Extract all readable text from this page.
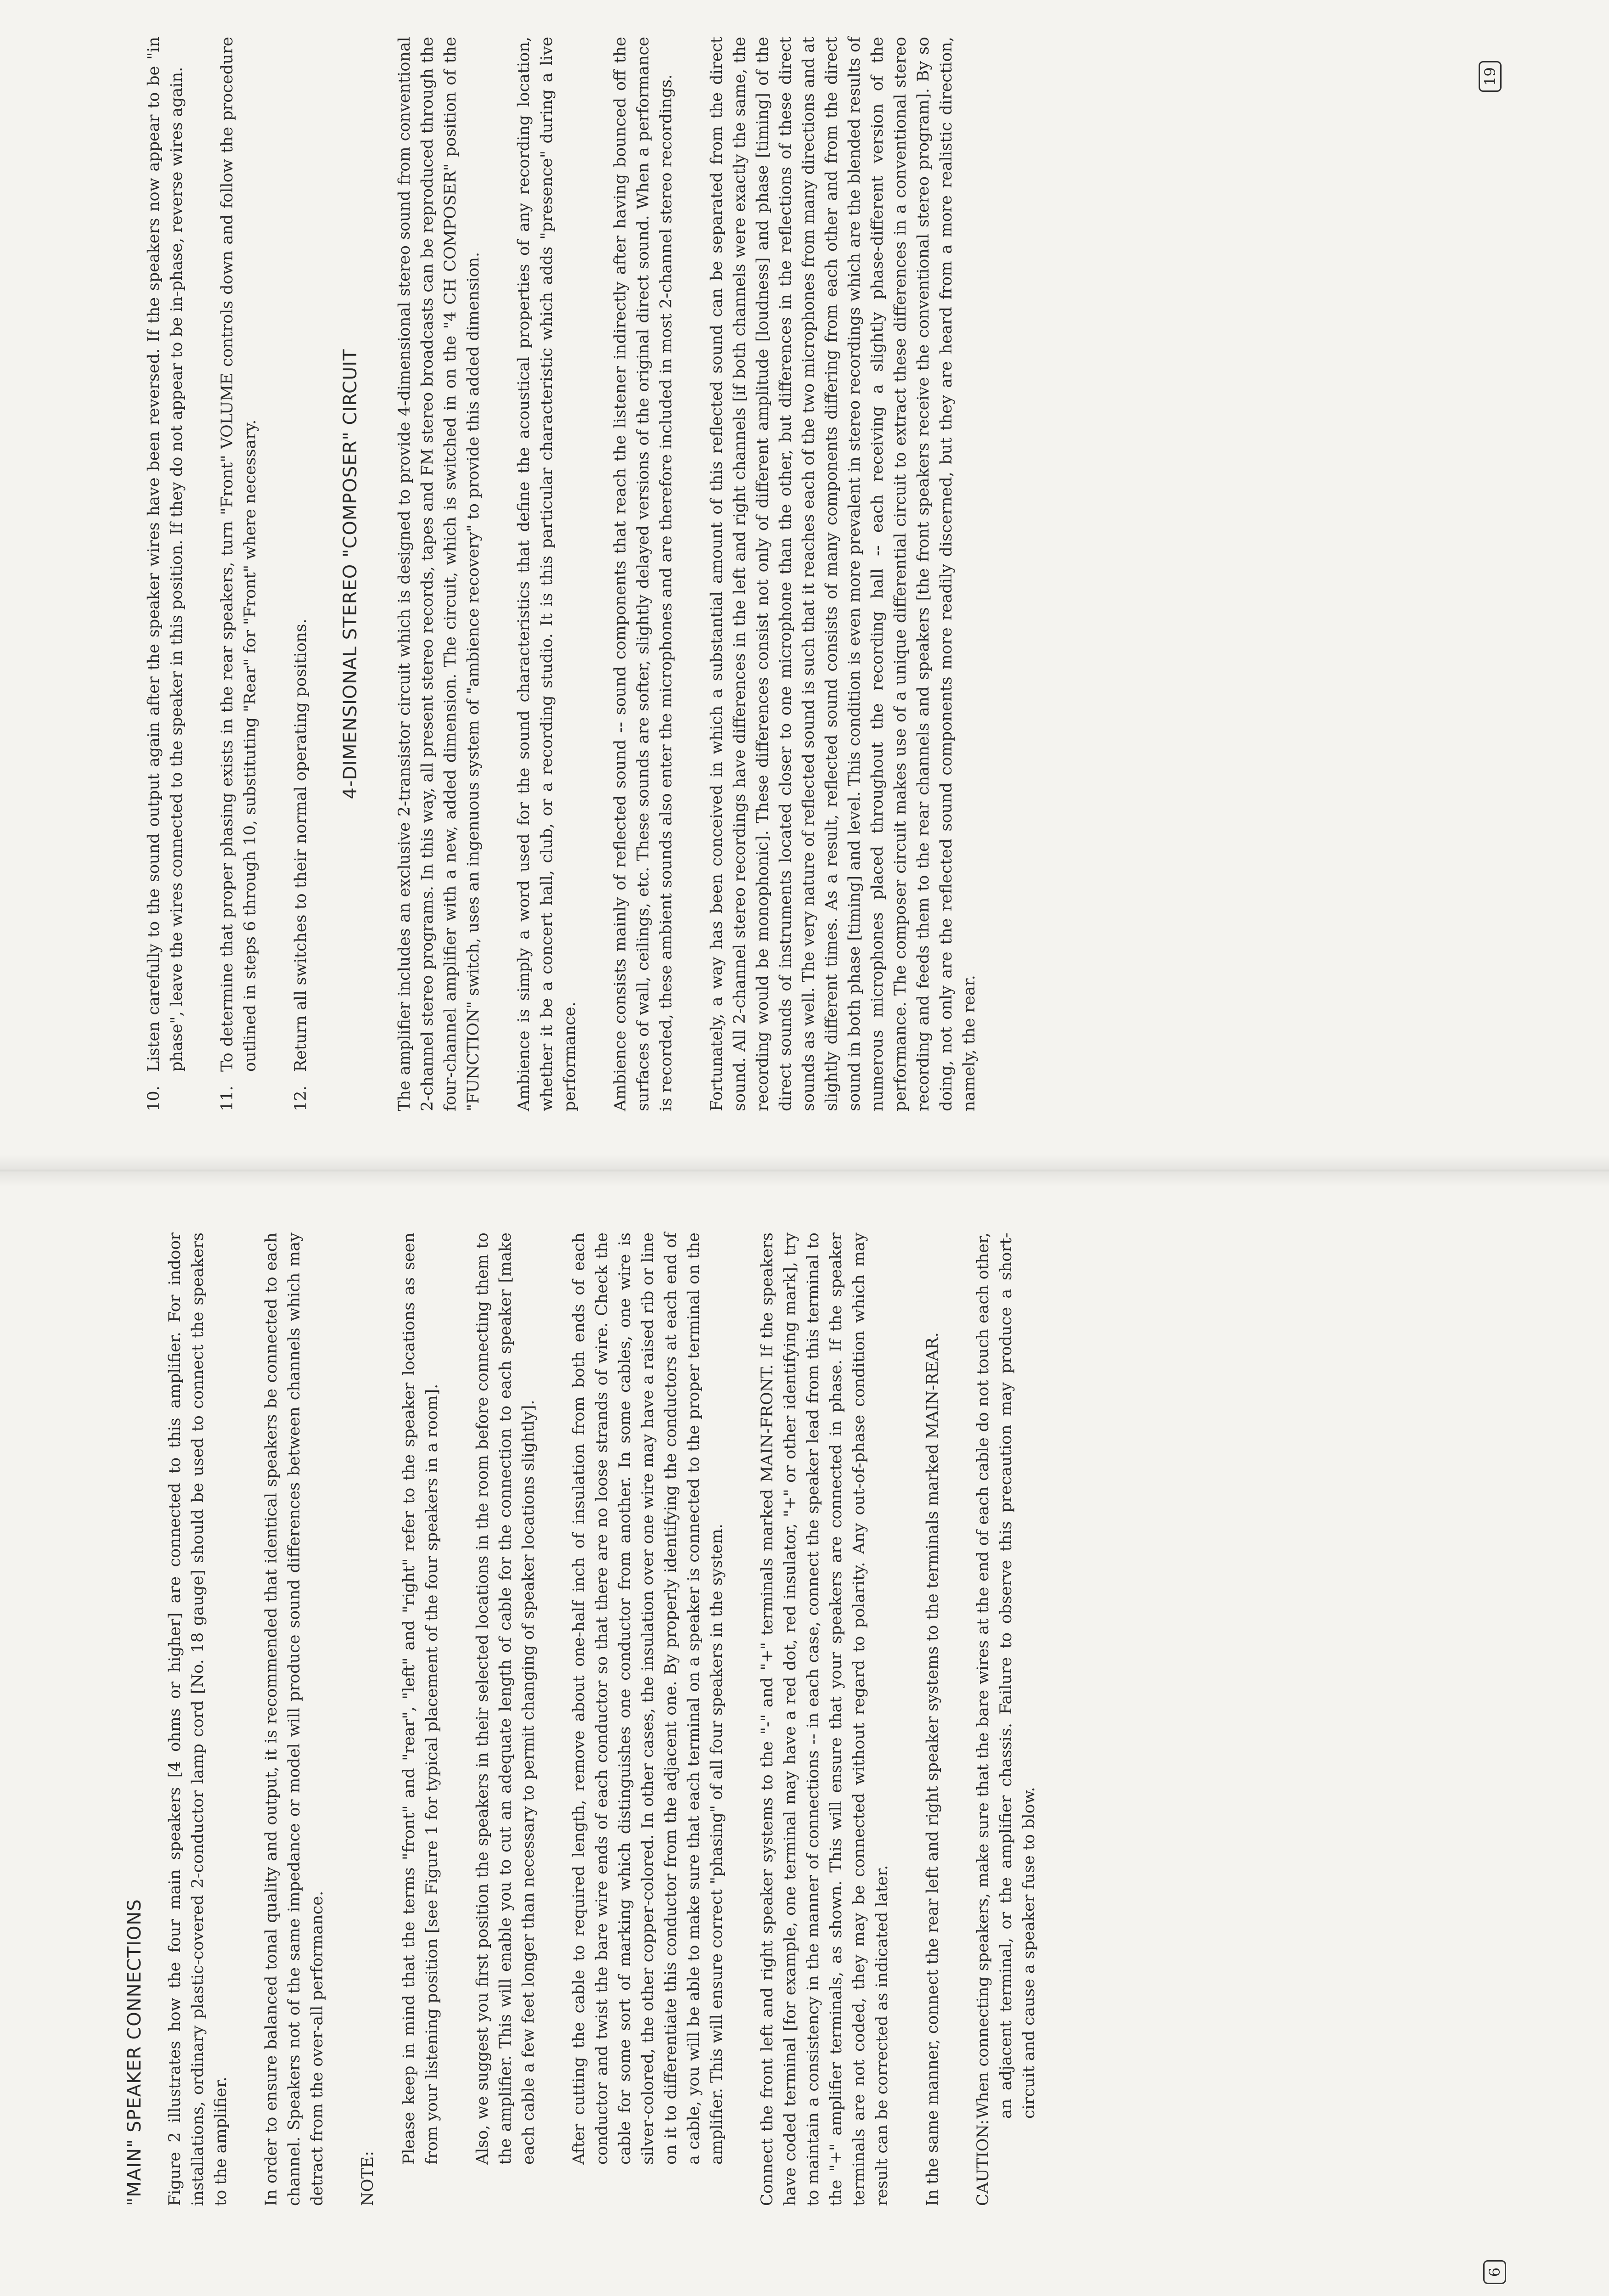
"MAIN" SPEAKER CONNECTIONS Figure 2 illustrates how the four main speakers [4 ohms or higher] are connected to this amplifier. For indoor installations, ordinary plastic-covered 2-conductor lamp cord [No. 18 gauge] should be used to connect the speakers to the amplifier. In order to ensure balanced tonal quality and output, it is recommended that identical speakers be connected to each channel. Speakers not of the same impedance or model will produce sound differences between channels which may detract from the over-all performance. NOTE:

Please keep in mind that the terms "front" and "rear", "left" and "right" refer to the speaker locations as seen from your listening position [see Figure 1 for typical placement of the four speakers in a room]. Also, we suggest you first position the speakers in their selected locations in the room before connecting them to the amplifier. This will enable you to cut an adequate length of cable for the connection to each speaker [make each cable a few feet longer than necessary to permit changing of speaker locations slightly]. After cutting the cable to required length, remove about one-half inch of insulation from both ends of each conductor and twist the bare wire ends of each conductor so that there are no loose strands of wire. Check the cable for some sort of marking which distinguishes one conductor from another. In some cables, one wire is silver-colored, the other copper-colored. In other cases, the insulation over one wire may have a raised rib or line on it to differentiate this conductor from the adjacent one. By properly identifying the conductors at each end of a cable, you will be able to make sure that each terminal on a speaker is connected to the proper terminal on the amplifier. This will ensure correct "phasing" of all four speakers in the system. Connect the front left and right speaker systems to the "-" and "+" terminals marked MAIN-FRONT. If the speakers have coded terminal [for example, one terminal may have a red dot, red insulator, "+" or other identifying mark], try to maintain a consistency in the manner of connections -- in each case, connect the speaker lead from this terminal to the "+" amplifier terminals, as shown. This will ensure that your speakers are connected in phase. If the speaker terminals are not coded, they may be connected without regard to polarity. Any out-of-phase condition which may result can be corrected as indicated later. In the same manner, connect the rear left and right speaker systems to the terminals marked MAIN-REAR. CAUTION:
When connecting speakers, make sure that the bare wires at the end of each cable do not touch each other, an adjacent terminal, or the amplifier chassis. Failure to observe this precaution may produce a short-circuit and cause a speaker fuse to blow.
6
10.
Listen carefully to the sound output again after the speaker wires have been reversed. If the speakers now appear to be "in phase", leave the wires connected to the speaker in this position. If they do not appear to be in-phase, reverse wires again.
11.
To determine that proper phasing exists in the rear speakers, turn "Front" VOLUME controls down and follow the procedure outlined in steps 6 through 10, substituting "Rear" for "Front" where necessary.
12.
Return all switches to their normal operating positions.
4-DIMENSIONAL STEREO "COMPOSER" CIRCUIT The amplifier includes an exclusive 2-transistor circuit which is designed to provide 4-dimensional stereo sound from conventional 2-channel stereo programs. In this way, all present stereo records, tapes and FM stereo broadcasts can be reproduced through the four-channel amplifier with a new, added dimension. The circuit, which is switched in on the "4 CH COMPOSER" position of the "FUNCTION" switch, uses an ingenuous system of "ambience recovery" to provide this added dimension. Ambience is simply a word used for the sound characteristics that define the acoustical properties of any recording location, whether it be a concert hall, club, or a recording studio. It is this particular characteristic which adds "presence" during a live performance. Ambience consists mainly of reflected sound -- sound components that reach the listener indirectly after having bounced off the surfaces of wall, ceilings, etc. These sounds are softer, slightly delayed versions of the original direct sound. When a performance is recorded, these ambient sounds also enter the microphones and are therefore included in most 2-channel stereo recordings. Fortunately, a way has been conceived in which a substantial amount of this reflected sound can be separated from the direct sound. All 2-channel stereo recordings have differences in the left and right channels [if both channels were exactly the same, the recording would be monophonic]. These differences consist not only of different amplitude [loudness] and phase [timing] of the direct sounds of instruments located closer to one microphone than the other, but differences in the reflections of these direct sounds as well. The very nature of reflected sound is such that it reaches each of the two microphones from many directions and at slightly different times. As a result, reflected sound consists of many components differing from each other and from the direct sound in both phase [timing] and level. This condition is even more prevalent in stereo recordings which are the blended results of numerous microphones placed throughout the recording hall -- each receiving a slightly phase-different version of the performance. The composer circuit makes use of a unique differential circuit to extract these differences in a conventional stereo recording and feeds them to the rear channels and speakers [the front speakers receive the conventional stereo program]. By so doing, not only are the reflected sound components more readily discerned, but they are heard from a more realistic direction, namely, the rear.

19
